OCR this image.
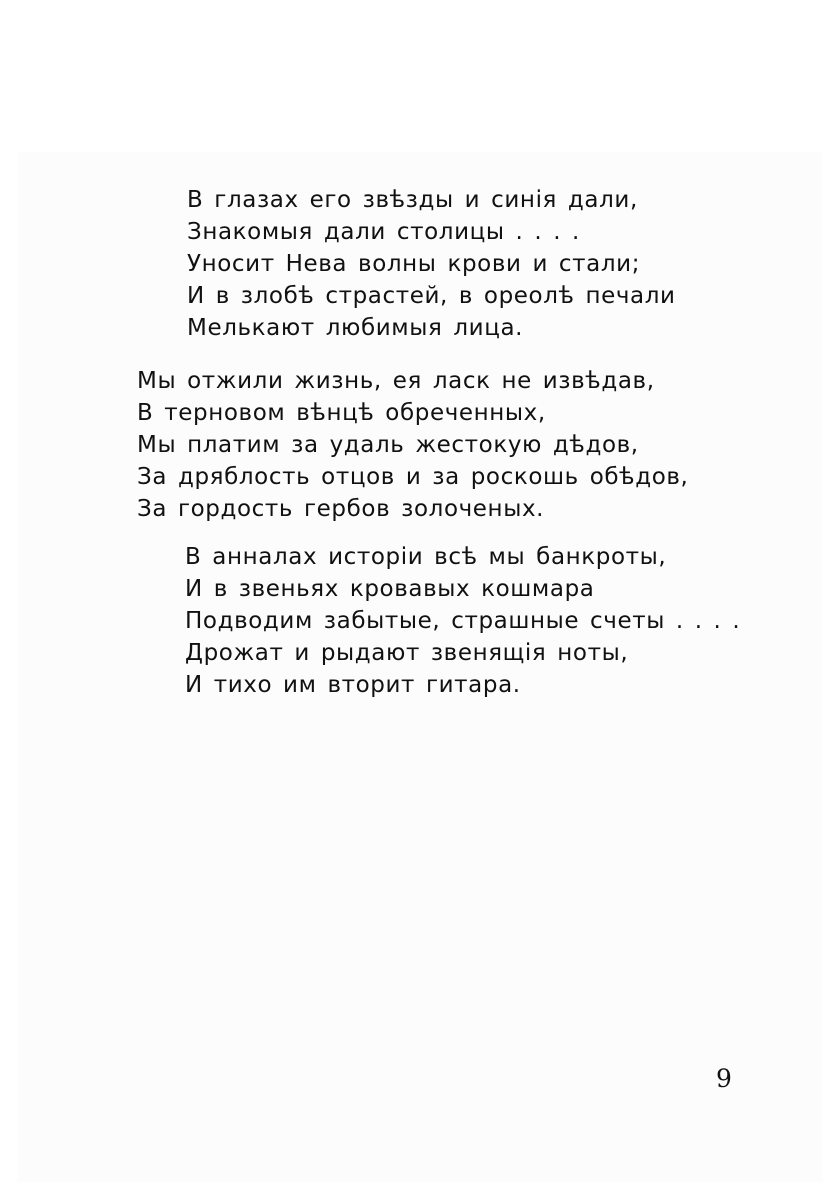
В глазах его звѣзды и синія дали,
Знакомыя дали столицы . . . .
Уносит Нева волны крови и стали;
И в злобѣ страстей, в ореолѣ печали
Мелькают любимыя лица.
Мы отжили жизнь, ея ласк не извѣдав,
В терновом вѣнцѣ обреченных,
Мы платим за удаль жестокую дѣдов,
За дряблость отцов и за роскошь обѣдов,
За гордость гербов золоченых.
В анналах исторіи всѣ мы банкроты,
И в звеньях кровавых кошмара
Подводим забытые, страшные счеты . . . .
Дрожат и рыдают звенящія ноты,
И тихо им вторит гитара.
9
